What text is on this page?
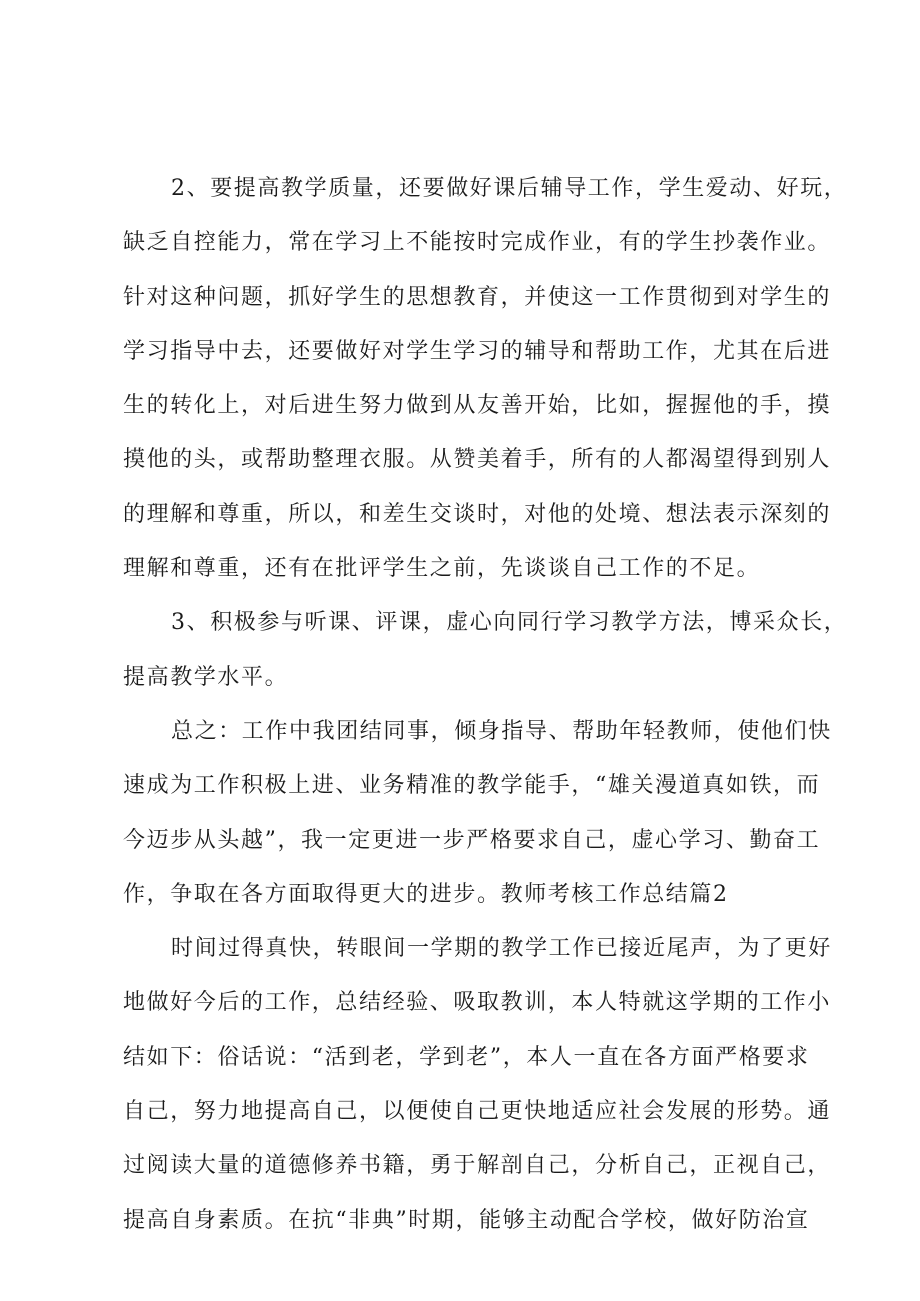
2、要提高教学质量，还要做好课后辅导工作，学生爱动、好玩，
缺乏自控能力，常在学习上不能按时完成作业，有的学生抄袭作业。
针对这种问题，抓好学生的思想教育，并使这一工作贯彻到对学生的
学习指导中去，还要做好对学生学习的辅导和帮助工作，尤其在后进
生的转化上，对后进生努力做到从友善开始，比如，握握他的手，摸
摸他的头，或帮助整理衣服。从赞美着手，所有的人都渴望得到别人
的理解和尊重，所以，和差生交谈时，对他的处境、想法表示深刻的
理解和尊重，还有在批评学生之前，先谈谈自己工作的不足。
3、积极参与听课、评课，虚心向同行学习教学方法，博采众长，
提高教学水平。
总之：工作中我团结同事，倾身指导、帮助年轻教师，使他们快
速成为工作积极上进、业务精准的教学能手，“雄关漫道真如铁，而
今迈步从头越”，我一定更进一步严格要求自己，虚心学习、勤奋工
作，争取在各方面取得更大的进步。教师考核工作总结篇2
时间过得真快，转眼间一学期的教学工作已接近尾声，为了更好
地做好今后的工作，总结经验、吸取教训，本人特就这学期的工作小
结如下：俗话说：“活到老，学到老”，本人一直在各方面严格要求
自己，努力地提高自己，以便使自己更快地适应社会发展的形势。通
过阅读大量的道德修养书籍，勇于解剖自己，分析自己，正视自己，
提高自身素质。在抗“非典”时期，能够主动配合学校，做好防治宣
